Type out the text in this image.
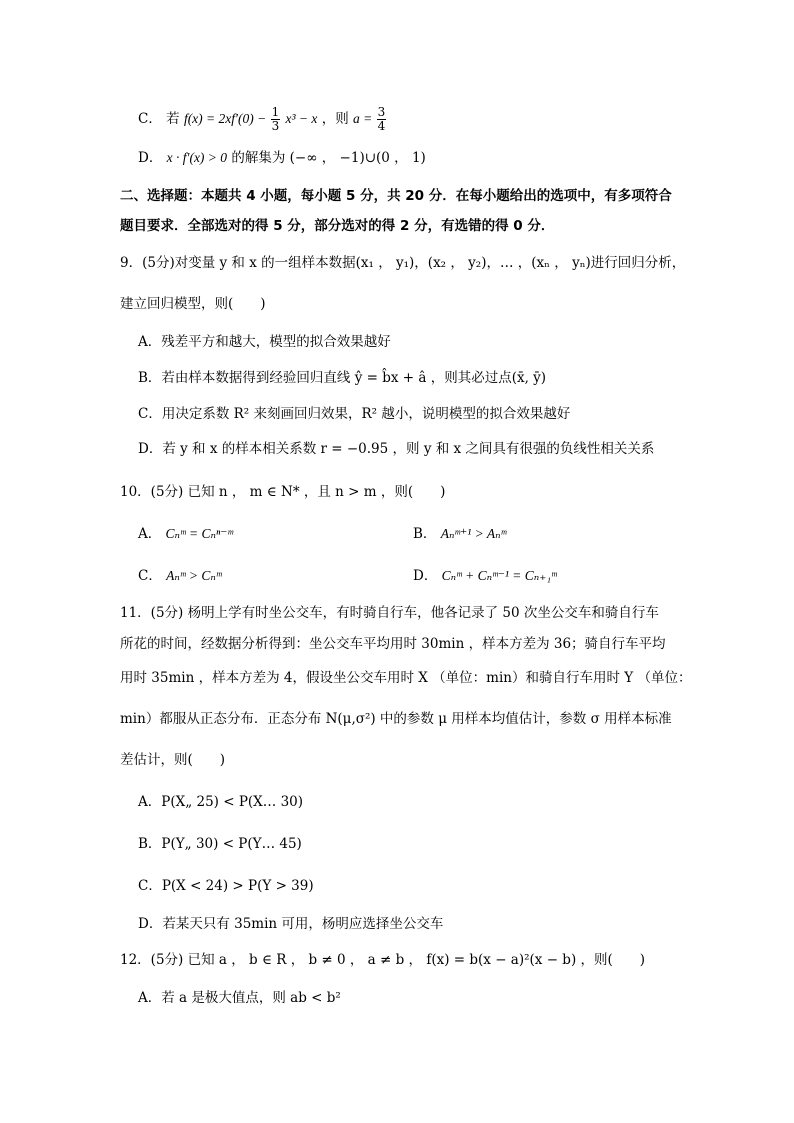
C． 若 $f(x) = 2xf'(0) - \frac{1}{3} x^3 - x$ ，则 $a = \frac{3}{4}$
D． x · f′(x) > 0 的解集为 (−∞ ， −1)∪(0 ， 1)
二、选择题：本题共 4 小题，每小题 5 分，共 20 分．在每小题给出的选项中，有多项符合
题目要求．全部选对的得 5 分，部分选对的得 2 分，有选错的得 0 分．
9．(5分)对变量 y 和 x 的一组样本数据(x₁ ， y₁)，(x₂ ， y₂)，… ，(xₙ ， yₙ)进行回归分析，
建立回归模型，则(　　)
A．残差平方和越大，模型的拟合效果越好
B．若由样本数据得到经验回归直线 ŷ = b̂x + â ，则其必过点(x̄, ȳ)
C．用决定系数 R² 来刻画回归效果，R² 越小，说明模型的拟合效果越好
D．若 y 和 x 的样本相关系数 r = −0.95 ，则 y 和 x 之间具有很强的负线性相关关系
10．(5分) 已知 n ， m ∈ N* ，且 n > m ，则(　　)
A． Cₙᵐ = Cₙⁿ⁻ᵐ	B． Aₙᵐ⁺¹ > Aₙᵐ
C． Aₙᵐ > Cₙᵐ	D． Cₙᵐ + Cₙᵐ⁻¹ = Cₙ₊₁ᵐ
11．(5分) 杨明上学有时坐公交车，有时骑自行车，他各记录了 50 次坐公交车和骑自行车
所花的时间，经数据分析得到：坐公交车平均用时 30min ，样本方差为 36；骑自行车平均
用时 35min ，样本方差为 4，假设坐公交车用时 X （单位：min）和骑自行车用时 Y （单位：
min）都服从正态分布．正态分布 N(μ,σ²) 中的参数 μ 用样本均值估计，参数 σ 用样本标准
差估计，则(　　)
A．P(X„ 25) < P(X… 30)
B．P(Y„ 30) < P(Y… 45)
C．P(X < 24) > P(Y > 39)
D．若某天只有 35min 可用，杨明应选择坐公交车
12．(5分) 已知 a ， b ∈ R ， b ≠ 0 ， a ≠ b ， f(x) = b(x − a)²(x − b) ，则(　　)
A．若 a 是极大值点，则 ab < b²
